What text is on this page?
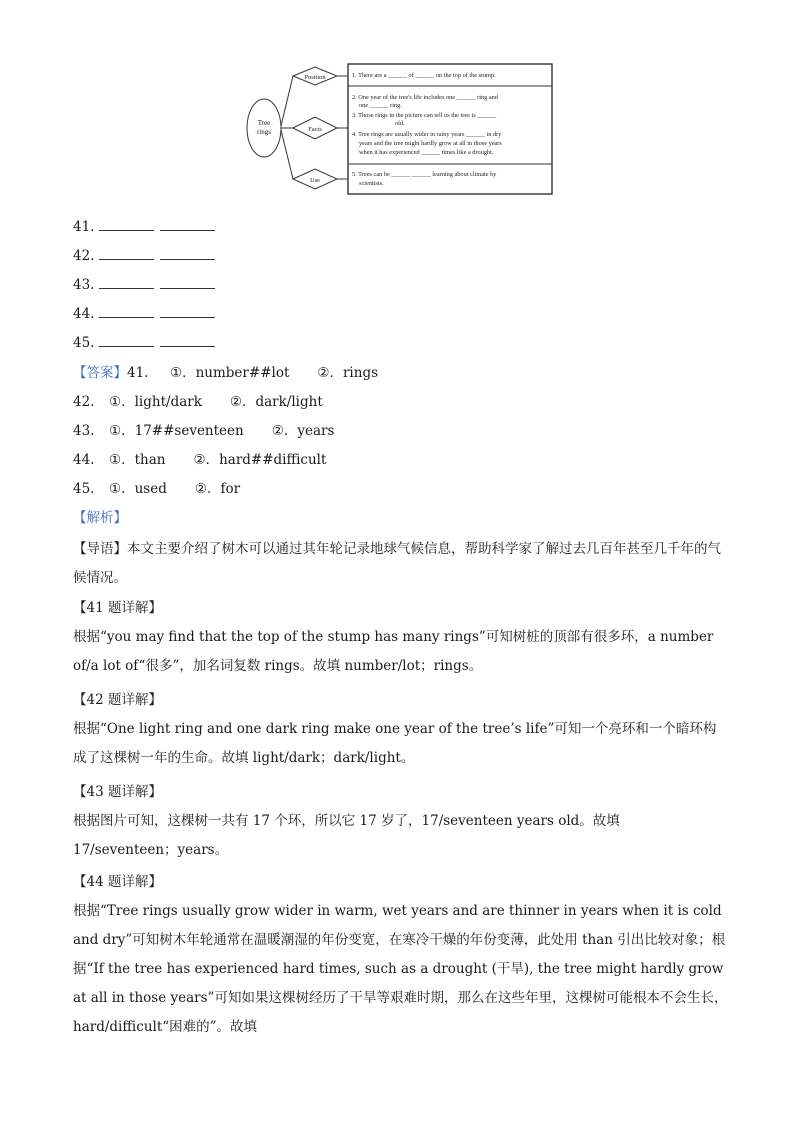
Tree
rings
Position
Facts
Use
1. There are a ______ of ______ on the top of the stump.
2. One year of the tree's life includes one ______ ring and
one ______ ring.
3. Those rings in the picture can tell us the tree is ______
old.
4. Tree rings are usually wider in rainy years ______ in dry
years and the tree might hardly grow at all in those years
when it has experienced ______ times like a drought.
5. Trees can be ______ ______ learning about climate by
scientists.
41.
42.
43.
44.
45.
【答案】41. ①．number##lot ②．rings
42. ①．light/dark ②．dark/light
43. ①．17##seventeen ②．years
44. ①．than ②．hard##difficult
45. ①．used ②．for
【解析】
【导语】本文主要介绍了树木可以通过其年轮记录地球气候信息，帮助科学家了解过去几百年甚至几千年的气候情况。
【41 题详解】
根据“you may find that the top of the stump has many rings”可知树桩的顶部有很多环，a number of/a lot of“很多”，加名词复数 rings。故填 number/lot；rings。
【42 题详解】
根据“One light ring and one dark ring make one year of the tree’s life”可知一个亮环和一个暗环构成了这棵树一年的生命。故填 light/dark；dark/light。
【43 题详解】
根据图片可知，这棵树一共有 17 个环，所以它 17 岁了，17/seventeen years old。故填 17/seventeen；years。
【44 题详解】
根据“Tree rings usually grow wider in warm, wet years and are thinner in years when it is cold and dry”可知树木年轮通常在温暖潮湿的年份变宽，在寒冷干燥的年份变薄，此处用 than 引出比较对象；根据“If the tree has experienced hard times, such as a drought (干旱), the tree might hardly grow at all in those years”可知如果这棵树经历了干旱等艰难时期，那么在这些年里，这棵树可能根本不会生长，hard/difficult“困难的”。故填
